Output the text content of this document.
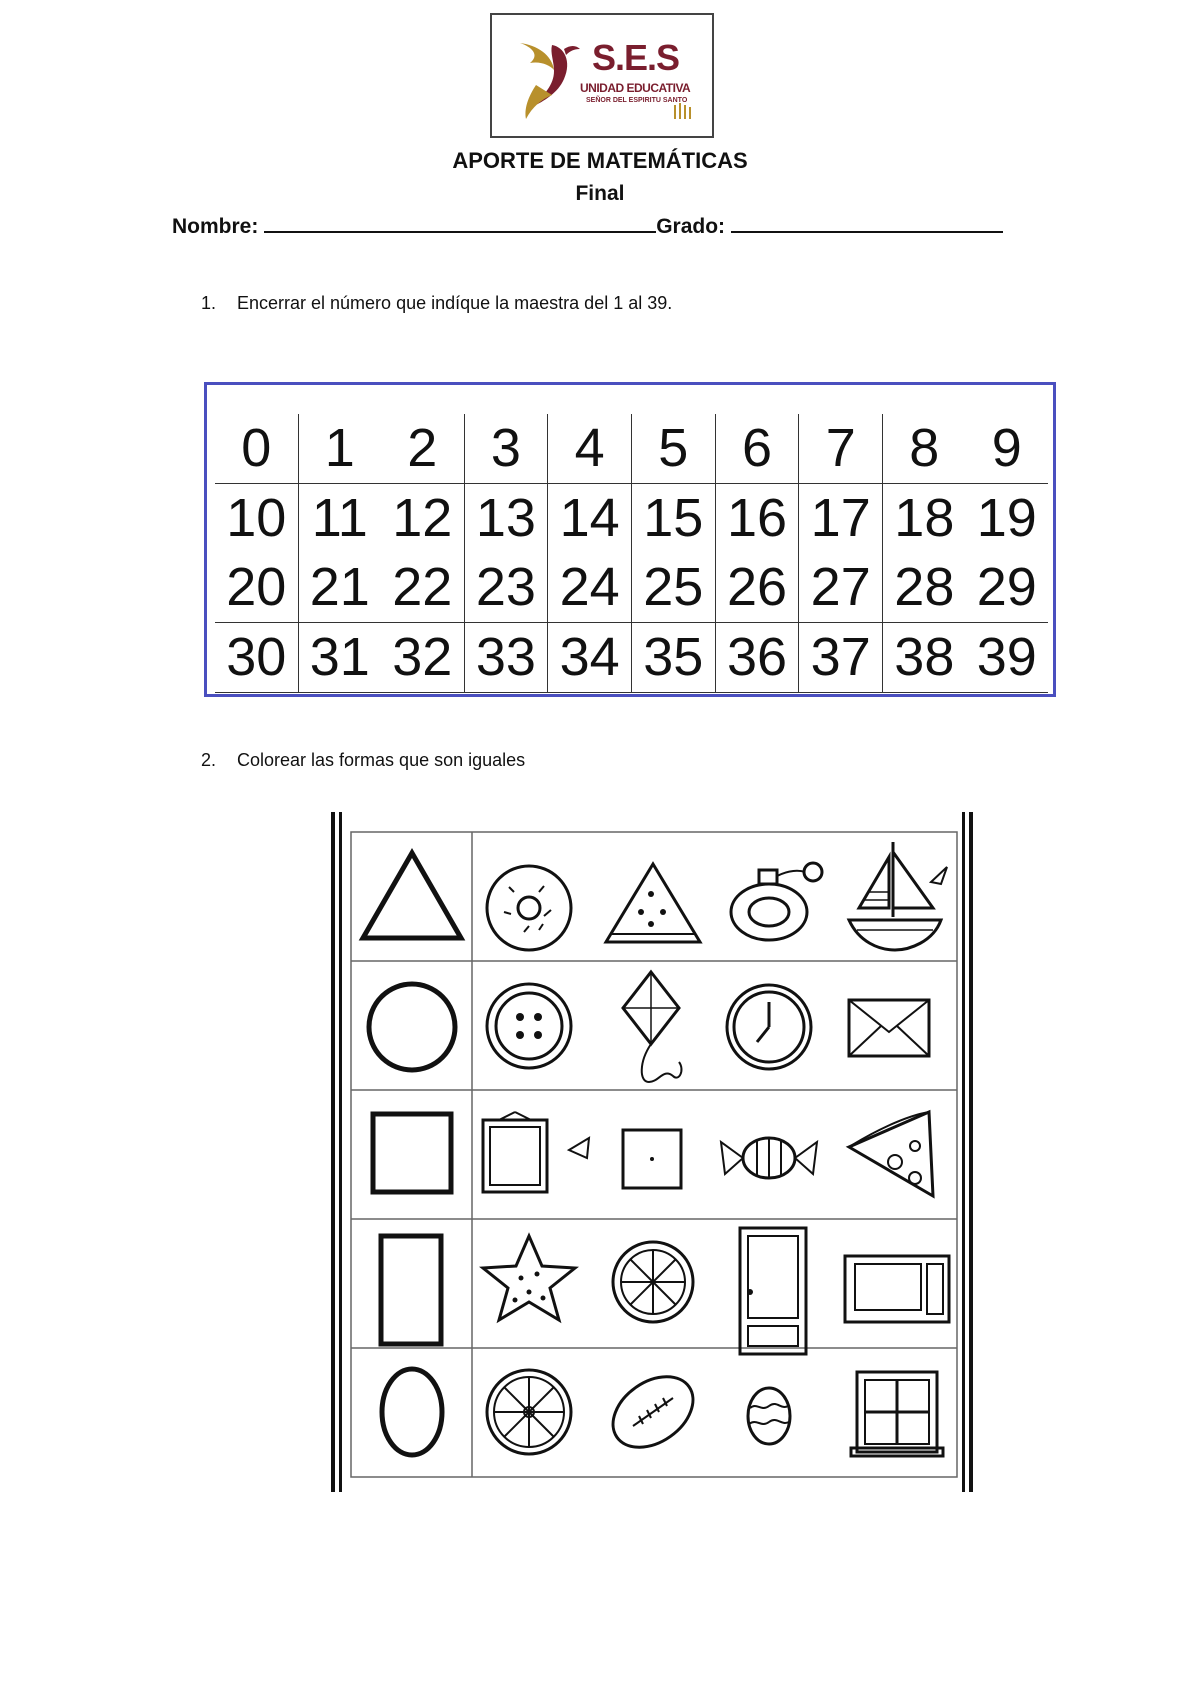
S.E.S
UNIDAD EDUCATIVA
SEÑOR DEL ESPIRITU SANTO
APORTE DE MATEMÁTICAS
Final
Nombre:	Grado:
1. Encerrar el número que indíque la maestra del 1 al 39.
0	1	2	3	4	5	6	7	8	9
10	11	12	13	14	15	16	17	18	19
20	21	22	23	24	25	26	27	28	29
30	31	32	33	34	35	36	37	38	39
2. Colorear las formas que son iguales
